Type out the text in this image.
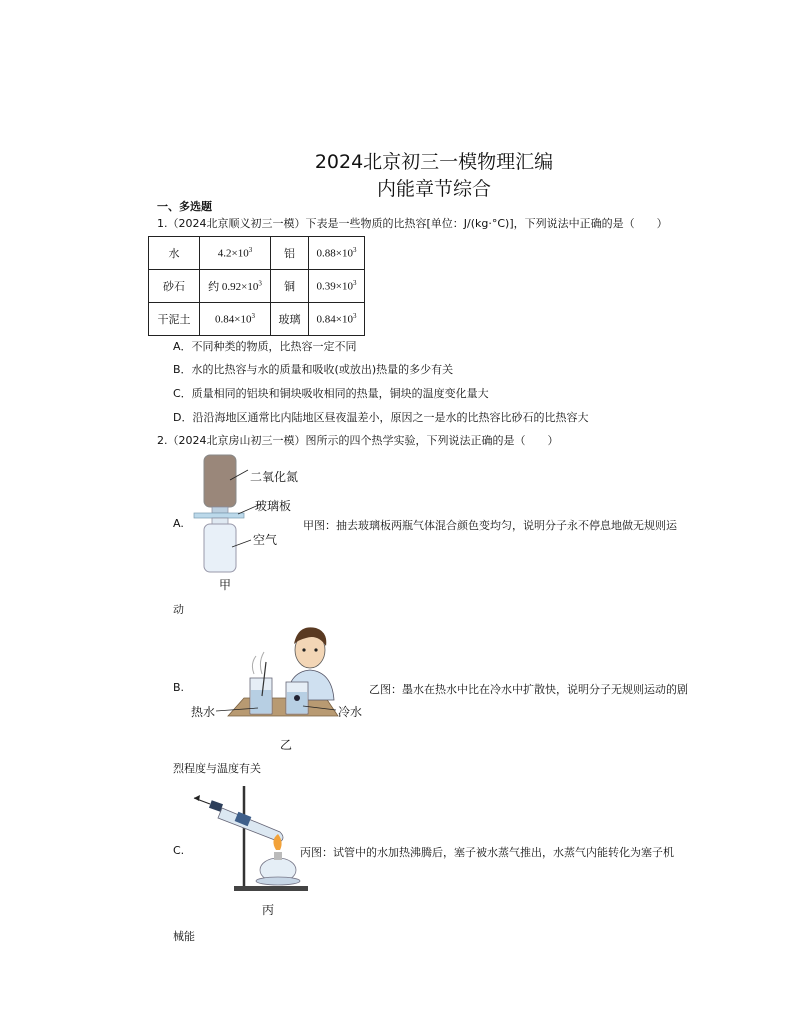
2024北京初三一模物理汇编
内能章节综合
一、多选题
1.（2024北京顺义初三一模）下表是一些物质的比热容[单位：J/(kg·°C)]，下列说法中正确的是（　　）
水	$4.2\times 10^3$	铝	$0.88\times 10^3$
砂石	约 $0.92\times 10^3$	铜	$0.39\times 10^3$
干泥土	$0.84\times 10^3$	玻璃	$0.84\times 10^3$
A．不同种类的物质，比热容一定不同
B．水的比热容与水的质量和吸收(或放出)热量的多少有关
C．质量相同的铝块和铜块吸收相同的热量，铜块的温度变化量大
D．沿沿海地区通常比内陆地区昼夜温差小，原因之一是水的比热容比砂石的比热容大
2.（2024北京房山初三一模）图所示的四个热学实验，下列说法正确的是（　　）
A.
二氧化氮
玻璃板
空气
甲
甲图：抽去玻璃板两瓶气体混合颜色变均匀，说明分子永不停息地做无规则运
动
B.
热水	冷水
乙
乙图：墨水在热水中比在冷水中扩散快，说明分子无规则运动的剧
烈程度与温度有关
C.
丙
丙图：试管中的水加热沸腾后，塞子被水蒸气推出，水蒸气内能转化为塞子机
械能
